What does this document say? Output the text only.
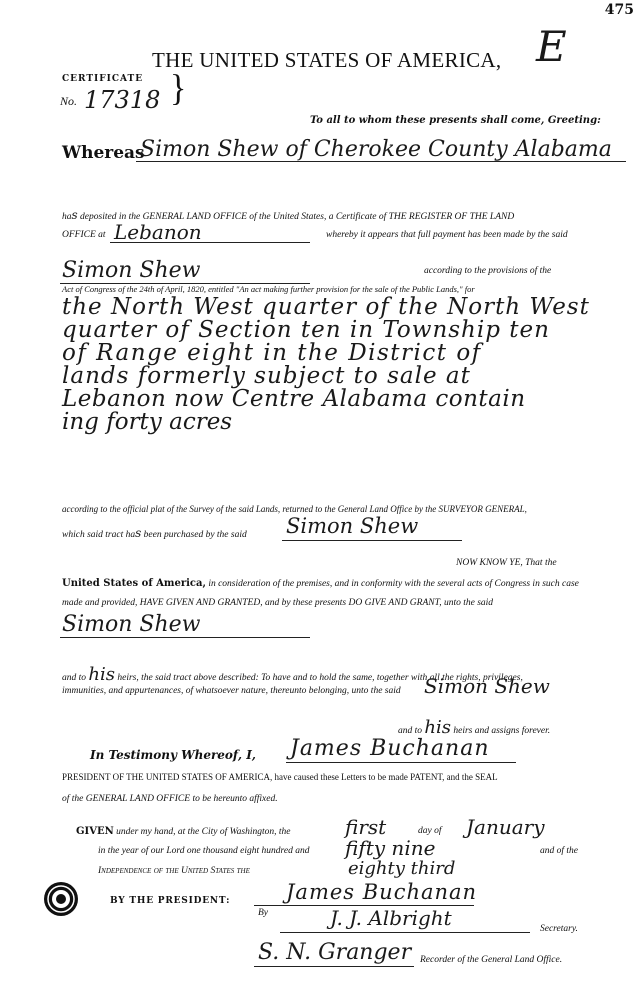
475
THE UNITED STATES OF AMERICA, E
CERTIFICATE }
No. 17318
To all to whom these presents shall come, Greeting:
Whereas
Simon Shew of Cherokee County Alabama
has deposited in the GENERAL LAND OFFICE of the United States, a Certificate of THE REGISTER OF THE LAND
OFFICE at Lebanon	whereby it appears that full payment has been made by the said
Simon Shew	according to the provisions of the
Act of Congress of the 24th of April, 1820, entitled "An act making further provision for the sale of the Public Lands," for
the North West quarter of the North West
quarter of Section ten in Township ten
of Range eight in the District of
lands formerly subject to sale at
Lebanon now Centre Alabama contain
ing forty acres
according to the official plat of the Survey of the said Lands, returned to the General Land Office by the SURVEYOR GENERAL,
which said tract has been purchased by the said Simon Shew
NOW KNOW YE, That the
United States of America, in consideration of the premises, and in conformity with the several acts of Congress in such case
made and provided, HAVE GIVEN AND GRANTED, and by these presents DO GIVE AND GRANT, unto the said
Simon Shew
and to his heirs, the said tract above described: To have and to hold the same, together with all the rights, privileges,
immunities, and appurtenances, of whatsoever nature, thereunto belonging, unto the said Simon Shew
and to his heirs and assigns forever.
In Testimony Whereof, I, James Buchanan
PRESIDENT OF THE UNITED STATES OF AMERICA, have caused these Letters to be made PATENT, and the SEAL
of the GENERAL LAND OFFICE to be hereunto affixed.
GIVEN under my hand, at the City of Washington, the	first	day of January
in the year of our Lord one thousand eight hundred and fifty nine	and of the
Independence of the United States the	eighty third
BY THE PRESIDENT:	James Buchanan
By	J. J. Albright	Secretary.
S. N. Granger Recorder of the General Land Office.
